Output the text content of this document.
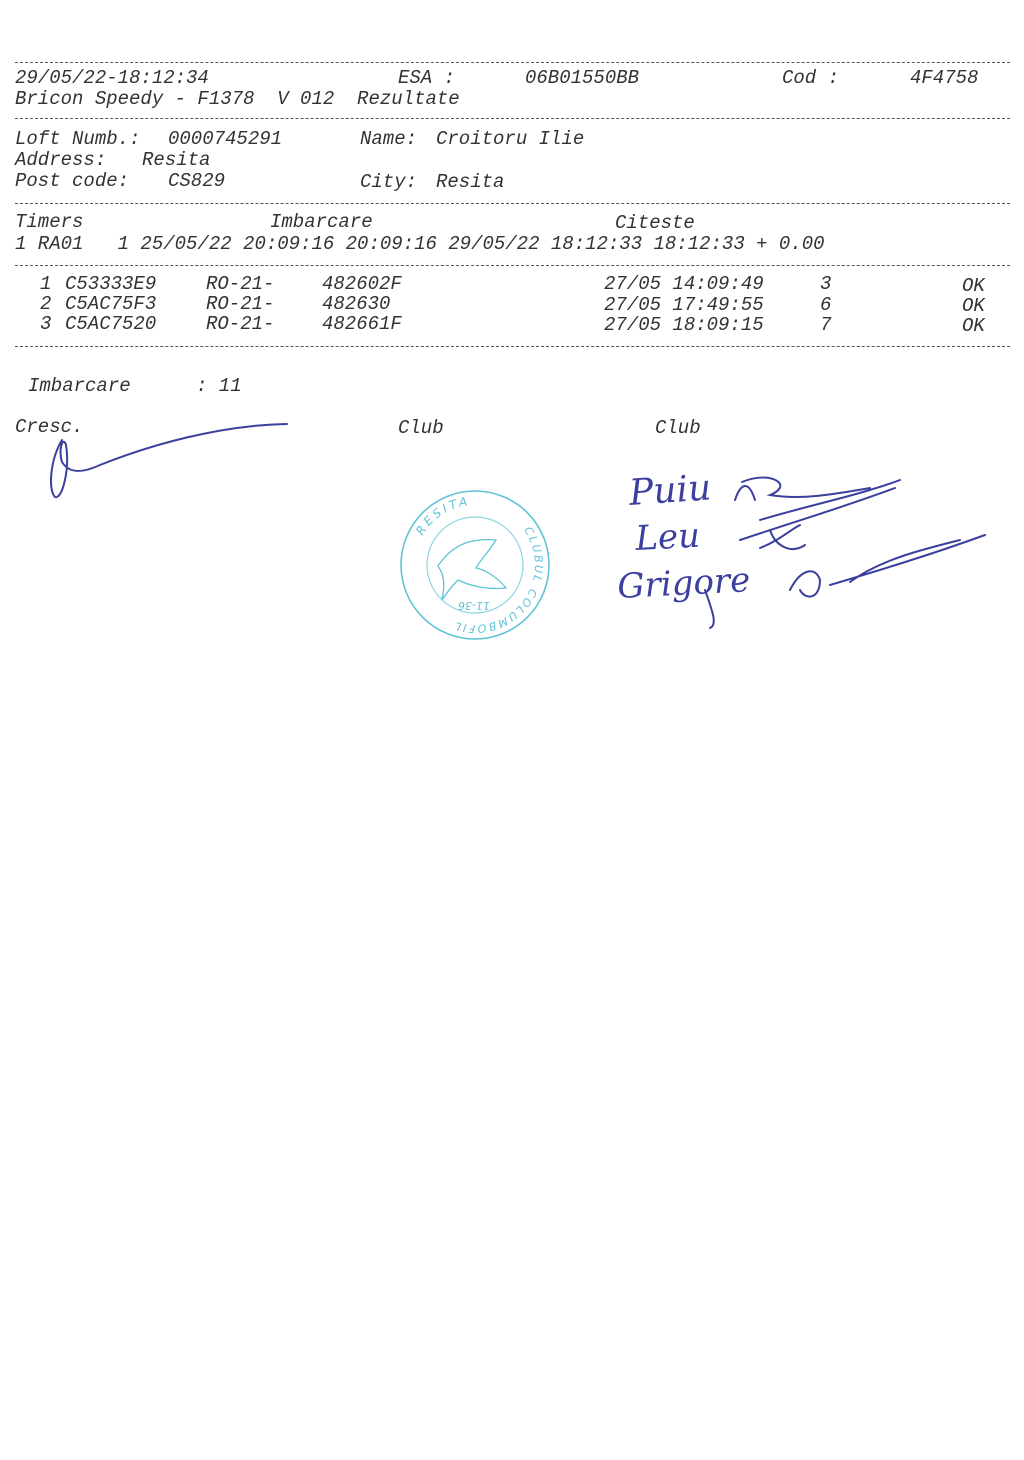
29/05/22-18:12:34	ESA :	06B01550BB	Cod :	4F4758
Bricon Speedy - F1378  V 012  Rezultate
Loft Numb.: 0000745291	Name: Croitoru Ilie
Address: Resita
Post code: CS829	City: Resita
Timers	Imbarcare	Citeste
1 RA01   1 25/05/22 20:09:16 20:09:16 29/05/22 18:12:33 18:12:33 + 0.00
1 C53333E9	RO-21-	482602F	27/05 14:09:49	3	OK
2 C5AC75F3	RO-21-	482630	27/05 17:49:55	6	OK
3 C5AC7520	RO-21-	482661F	27/05 18:09:15	7	OK
Imbarcare	: 11
Cresc.	Club	Club
RESITA
CLUBUL COLUMBOFIL
11-36
Puiu
Leu
Grigore
